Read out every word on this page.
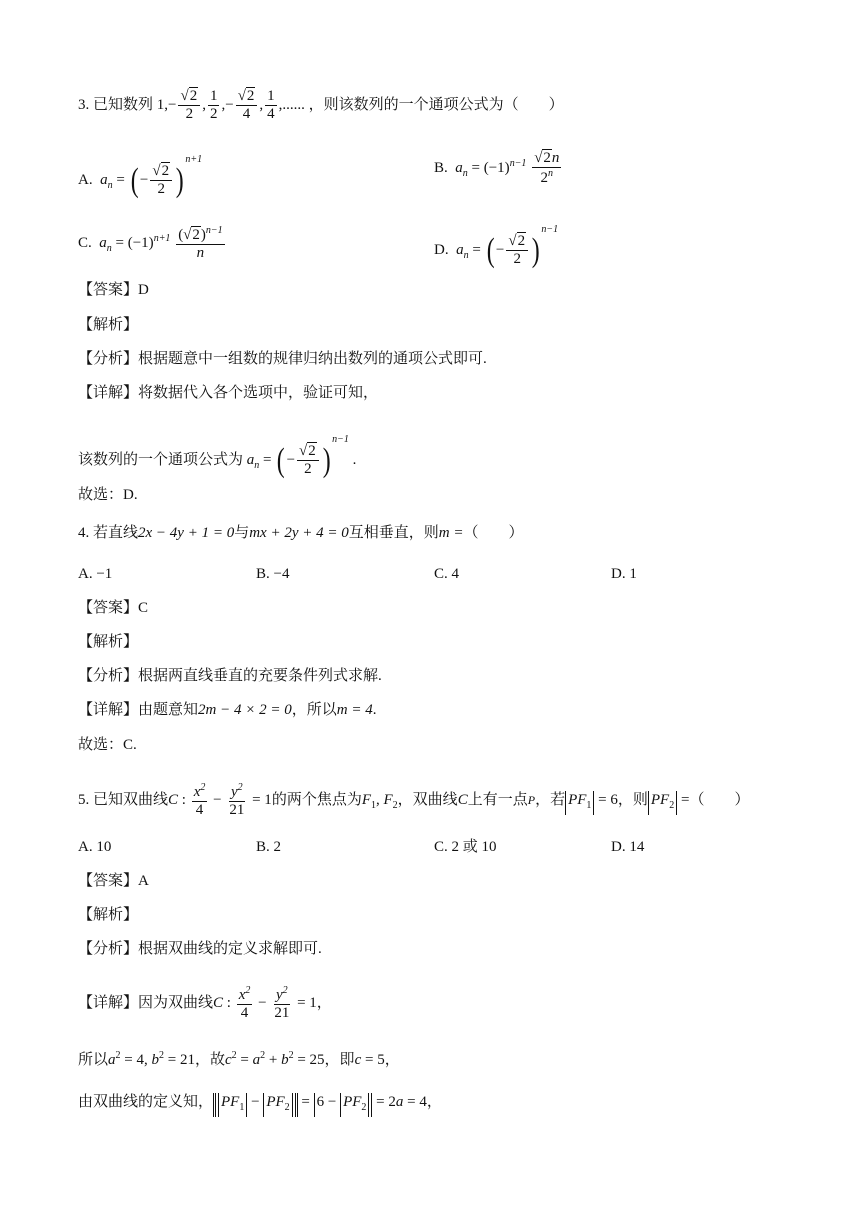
3. 已知数列 $1,- \frac{√2}{2}$ , $\frac{1}{2}$ ,− $\frac{√2}{4}$ , $\frac{1}{4}$ ,...... ，则该数列的一个通项公式为（　　）
A. $a_n$ = ( − $\frac{√2}{2} )^{n+1}$
B. $a_n = (-1)^{n-1} \frac{√2n}{2^n}$
C. $a_n = (-1)^{n+1} \frac{(√2)^{n-1}}{n}$	D. $a_n$ = ( − $\frac{√2}{2} )^{n-1}$
【答案】D
【解析】
【分析】根据题意中一组数的规律归纳出数列的通项公式即可.
【详解】将数据代入各个选项中，验证可知，
该数列的一个通项公式为 $a_n$ = ( − $\frac{√2}{2} )^{n-1}$ .
故选：D.
4. 若直线2x − 4y + 1 = 0与mx + 2y + 4 = 0互相垂直，则m =（　　）
A. −1	B. −4	C. 4	D. 1
【答案】C
【解析】
【分析】根据两直线垂直的充要条件列式求解.
【详解】由题意知2m − 4 × 2 = 0，所以m = 4.
故选：C.
5. 已知双曲线C : $\frac{x^2}{4} - \frac{y^2}{21} = 1$的两个焦点为$F_1$, $F_2$，双曲线C上有一点P，若 $PF_1 = 6$，则 $PF_2$ =（　　）
A. 10	B. 2	C. 2 或 10	D. 14
【答案】A
【解析】
【分析】根据双曲线的定义求解即可.
【详解】因为双曲线C : $\frac{x^2}{4} - \frac{y^2}{21} = 1$，
所以$a^2 = 4$, $b^2 = 21$，故$c^2 = a^2 + b^2 = 25$，即c = 5，
由双曲线的定义知， $PF_1 - PF_2 = 6 - PF_2 = 2a = 4$，
